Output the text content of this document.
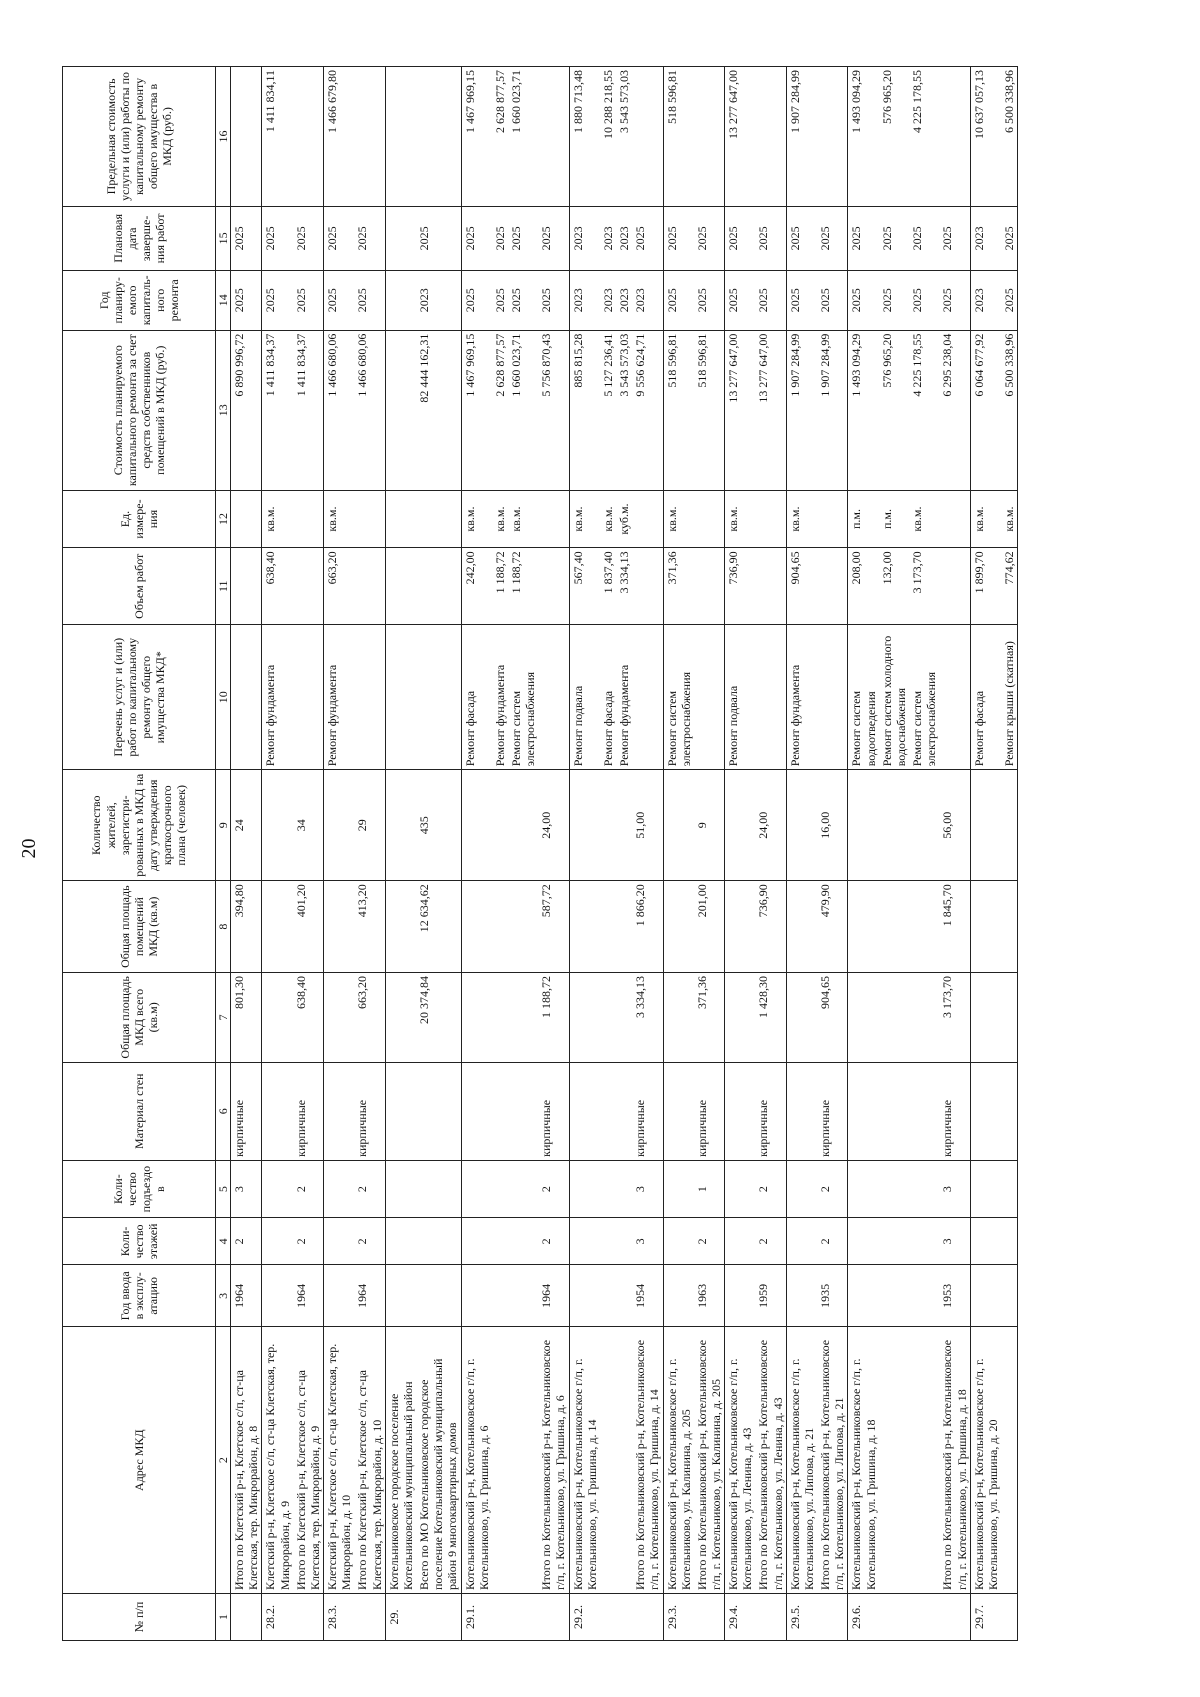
20
№ п/п	Адрес МКД	Год ввода в эксплу-атацию	Коли-чество этажей	Коли-чество подъездов	Материал стен	Общая площадь МКД всего (кв.м)	Общая площадь помещений МКД (кв.м)	Количество жителей, зарегистри-рованных в МКД на дату утверждения краткосрочного плана (человек)	Перечень услуг и (или) работ по капитальному ремонту общего имущества МКД*	Объем работ	Ед. измере-ния	Стоимость планируемого капитального ремонта за счет средств собственников помещений в МКД (руб.)	Год планиру-емого капиталь-ного ремонта	Плановая дата заверше-ния работ	Предельная стоимость услуги и (или) работы по капитальному ремонту общего имущества в МКД (руб.)
1	2	3	4	5	6	7	8	9	10	11	12	13	14	15	16
	Итого по Клетский р-н, Клетское с/п, ст-ца Клетская, тер. Микрорайон, д. 8	1964	2	3	кирпичные	801,30	394,80	24				6 890 996,72	2025	2025	
28.2.	Клетский р-н, Клетское с/п, ст-ца Клетская, тер. Микрорайон, д. 9								Ремонт фундамента	638,40	кв.м.	1 411 834,37	2025	2025	1 411 834,11
	Итого по Клетский р-н, Клетское с/п, ст-ца Клетская, тер. Микрорайон, д. 9	1964	2	2	кирпичные	638,40	401,20	34				1 411 834,37	2025	2025	
28.3.	Клетский р-н, Клетское с/п, ст-ца Клетская, тер. Микрорайон, д. 10								Ремонт фундамента	663,20	кв.м.	1 466 680,06	2025	2025	1 466 679,80
	Итого по Клетский р-н, Клетское с/п, ст-ца Клетская, тер. Микрорайон, д. 10	1964	2	2	кирпичные	663,20	413,20	29				1 466 680,06	2025	2025	
29.	Котельниковское городское поселение Котельниковский муниципальный район														
	Всего по МО Котельниковское городское поселение Котельниковский муниципальный район 9 многоквартирных домов					20 374,84	12 634,62	435				82 444 162,31	2023	2025	
29.1.	Котельниковский р-н, Котельниковское г/п, г. Котельниково, ул. Гришина, д. 6								Ремонт фасада	242,00	кв.м.	1 467 969,15	2025	2025	1 467 969,15
									Ремонт фундамента	1 188,72	кв.м.	2 628 877,57	2025	2025	2 628 877,57
									Ремонт систем электроснабжения	1 188,72	кв.м.	1 660 023,71	2025	2025	1 660 023,71
	Итого по Котельниковский р-н, Котельниковское г/п, г. Котельниково, ул. Гришина, д. 6	1964	2	2	кирпичные	1 188,72	587,72	24,00				5 756 870,43	2025	2025	
29.2.	Котельниковский р-н, Котельниковское г/п, г. Котельниково, ул. Гришина, д. 14								Ремонт подвала	567,40	кв.м.	885 815,28	2023	2023	1 880 713,48
									Ремонт фасада	1 837,40	кв.м.	5 127 236,41	2023	2023	10 288 218,55
									Ремонт фундамента	3 334,13	куб.м.	3 543 573,03	2023	2023	3 543 573,03
	Итого по Котельниковский р-н, Котельниковское г/п, г. Котельниково, ул. Гришина, д. 14	1954	3	3	кирпичные	3 334,13	1 866,20	51,00				9 556 624,71	2023	2025	
29.3.	Котельниковский р-н, Котельниковское г/п, г. Котельниково, ул. Калинина, д. 205								Ремонт систем электроснабжения	371,36	кв.м.	518 596,81	2025	2025	518 596,81
	Итого по Котельниковский р-н, Котельниковское г/п, г. Котельниково, ул. Калинина, д. 205	1963	2	1	кирпичные	371,36	201,00	9				518 596,81	2025	2025	
29.4.	Котельниковский р-н, Котельниковское г/п, г. Котельниково, ул. Ленина, д. 43								Ремонт подвала	736,90	кв.м.	13 277 647,00	2025	2025	13 277 647,00
	Итого по Котельниковский р-н, Котельниковское г/п, г. Котельниково, ул. Ленина, д. 43	1959	2	2	кирпичные	1 428,30	736,90	24,00				13 277 647,00	2025	2025	
29.5.	Котельниковский р-н, Котельниковское г/п, г. Котельниково, ул. Липова, д. 21								Ремонт фундамента	904,65	кв.м.	1 907 284,99	2025	2025	1 907 284,99
	Итого по Котельниковский р-н, Котельниковское г/п, г. Котельниково, ул. Липова, д. 21	1935	2	2	кирпичные	904,65	479,90	16,00				1 907 284,99	2025	2025	
29.6.	Котельниковский р-н, Котельниковское г/п, г. Котельниково, ул. Гришина, д. 18								Ремонт систем водоотведения	208,00	п.м.	1 493 094,29	2025	2025	1 493 094,29
									Ремонт систем холодного водоснабжения	132,00	п.м.	576 965,20	2025	2025	576 965,20
									Ремонт систем электроснабжения	3 173,70	кв.м.	4 225 178,55	2025	2025	4 225 178,55
	Итого по Котельниковский р-н, Котельниковское г/п, г. Котельниково, ул. Гришина, д. 18	1953	3	3	кирпичные	3 173,70	1 845,70	56,00				6 295 238,04	2025	2025	
29.7.	Котельниковский р-н, Котельниковское г/п, г. Котельниково, ул. Гришина, д. 20								Ремонт фасада	1 899,70	кв.м.	6 064 677,92	2023	2023	10 637 057,13
									Ремонт крыши (скатная)	774,62	кв.м.	6 500 338,96	2025	2025	6 500 338,96
